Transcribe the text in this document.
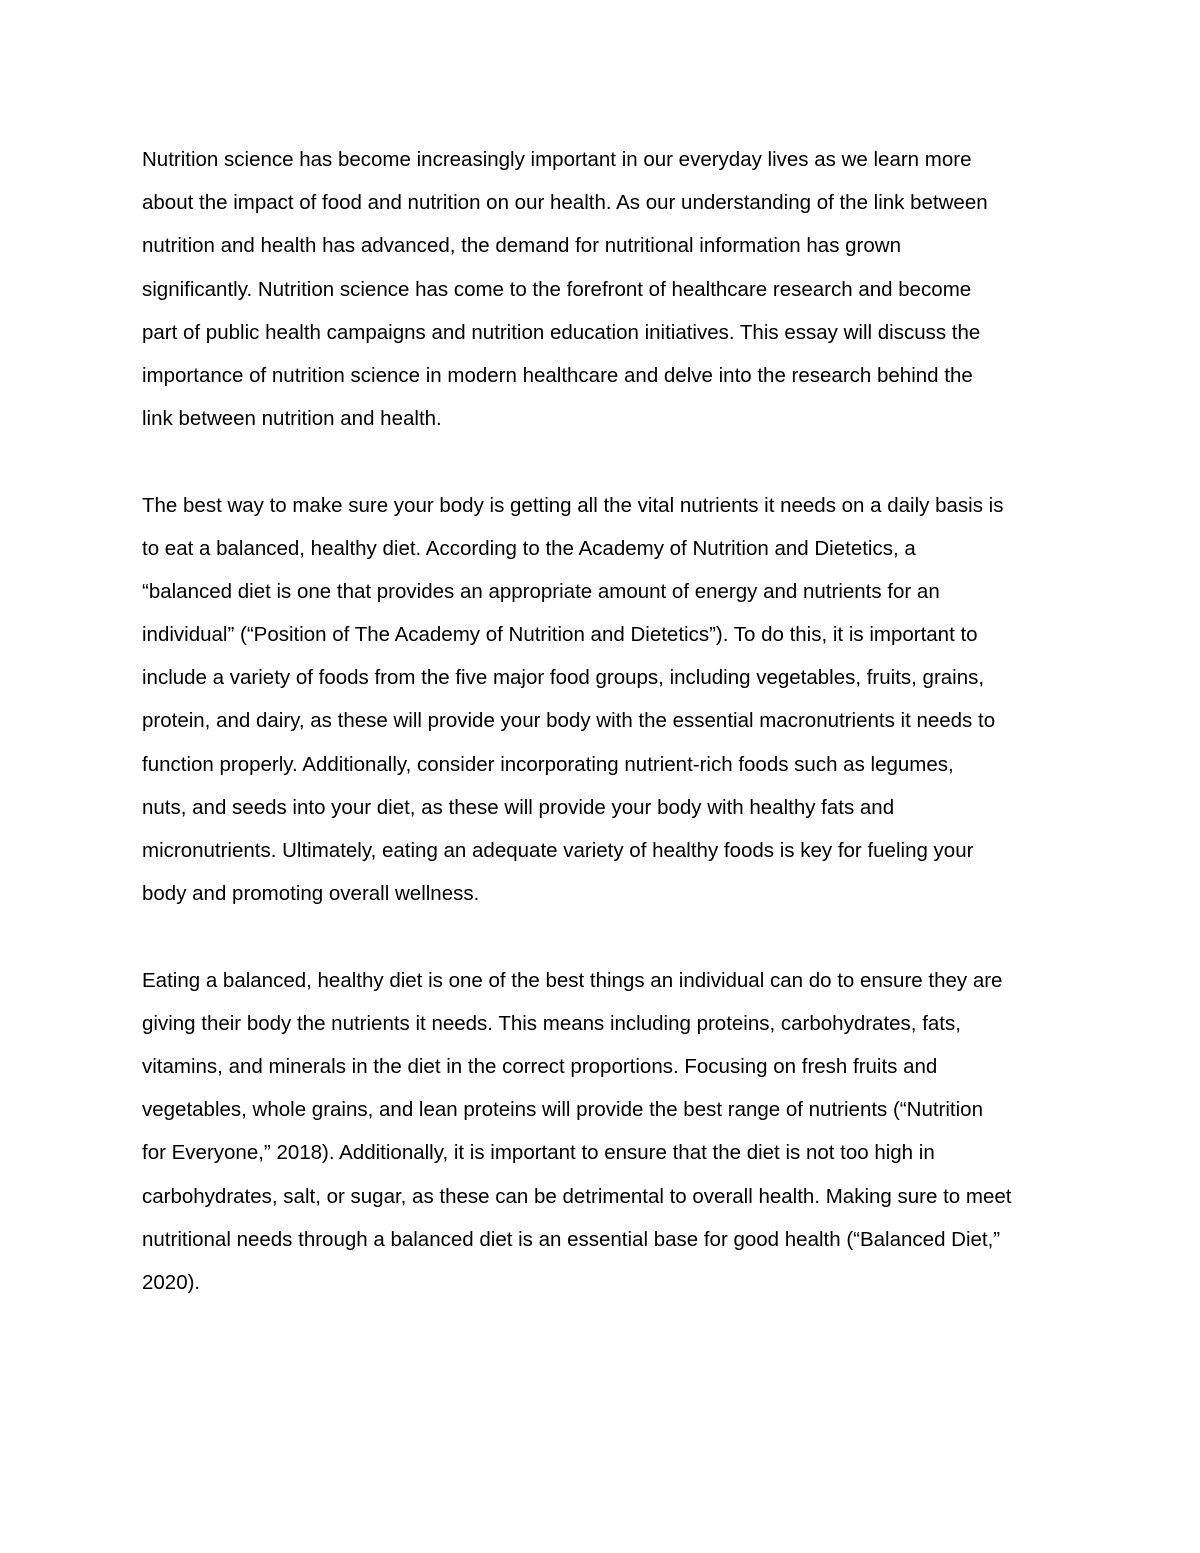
Nutrition science has become increasingly important in our everyday lives as we learn more
about the impact of food and nutrition on our health. As our understanding of the link between
nutrition and health has advanced, the demand for nutritional information has grown
significantly. Nutrition science has come to the forefront of healthcare research and become
part of public health campaigns and nutrition education initiatives. This essay will discuss the
importance of nutrition science in modern healthcare and delve into the research behind the
link between nutrition and health.
The best way to make sure your body is getting all the vital nutrients it needs on a daily basis is
to eat a balanced, healthy diet. According to the Academy of Nutrition and Dietetics, a
“balanced diet is one that provides an appropriate amount of energy and nutrients for an
individual” (“Position of The Academy of Nutrition and Dietetics”). To do this, it is important to
include a variety of foods from the five major food groups, including vegetables, fruits, grains,
protein, and dairy, as these will provide your body with the essential macronutrients it needs to
function properly. Additionally, consider incorporating nutrient-rich foods such as legumes,
nuts, and seeds into your diet, as these will provide your body with healthy fats and
micronutrients. Ultimately, eating an adequate variety of healthy foods is key for fueling your
body and promoting overall wellness.
Eating a balanced, healthy diet is one of the best things an individual can do to ensure they are
giving their body the nutrients it needs. This means including proteins, carbohydrates, fats,
vitamins, and minerals in the diet in the correct proportions. Focusing on fresh fruits and
vegetables, whole grains, and lean proteins will provide the best range of nutrients (“Nutrition
for Everyone,” 2018). Additionally, it is important to ensure that the diet is not too high in
carbohydrates, salt, or sugar, as these can be detrimental to overall health. Making sure to meet
nutritional needs through a balanced diet is an essential base for good health (“Balanced Diet,”
2020).
